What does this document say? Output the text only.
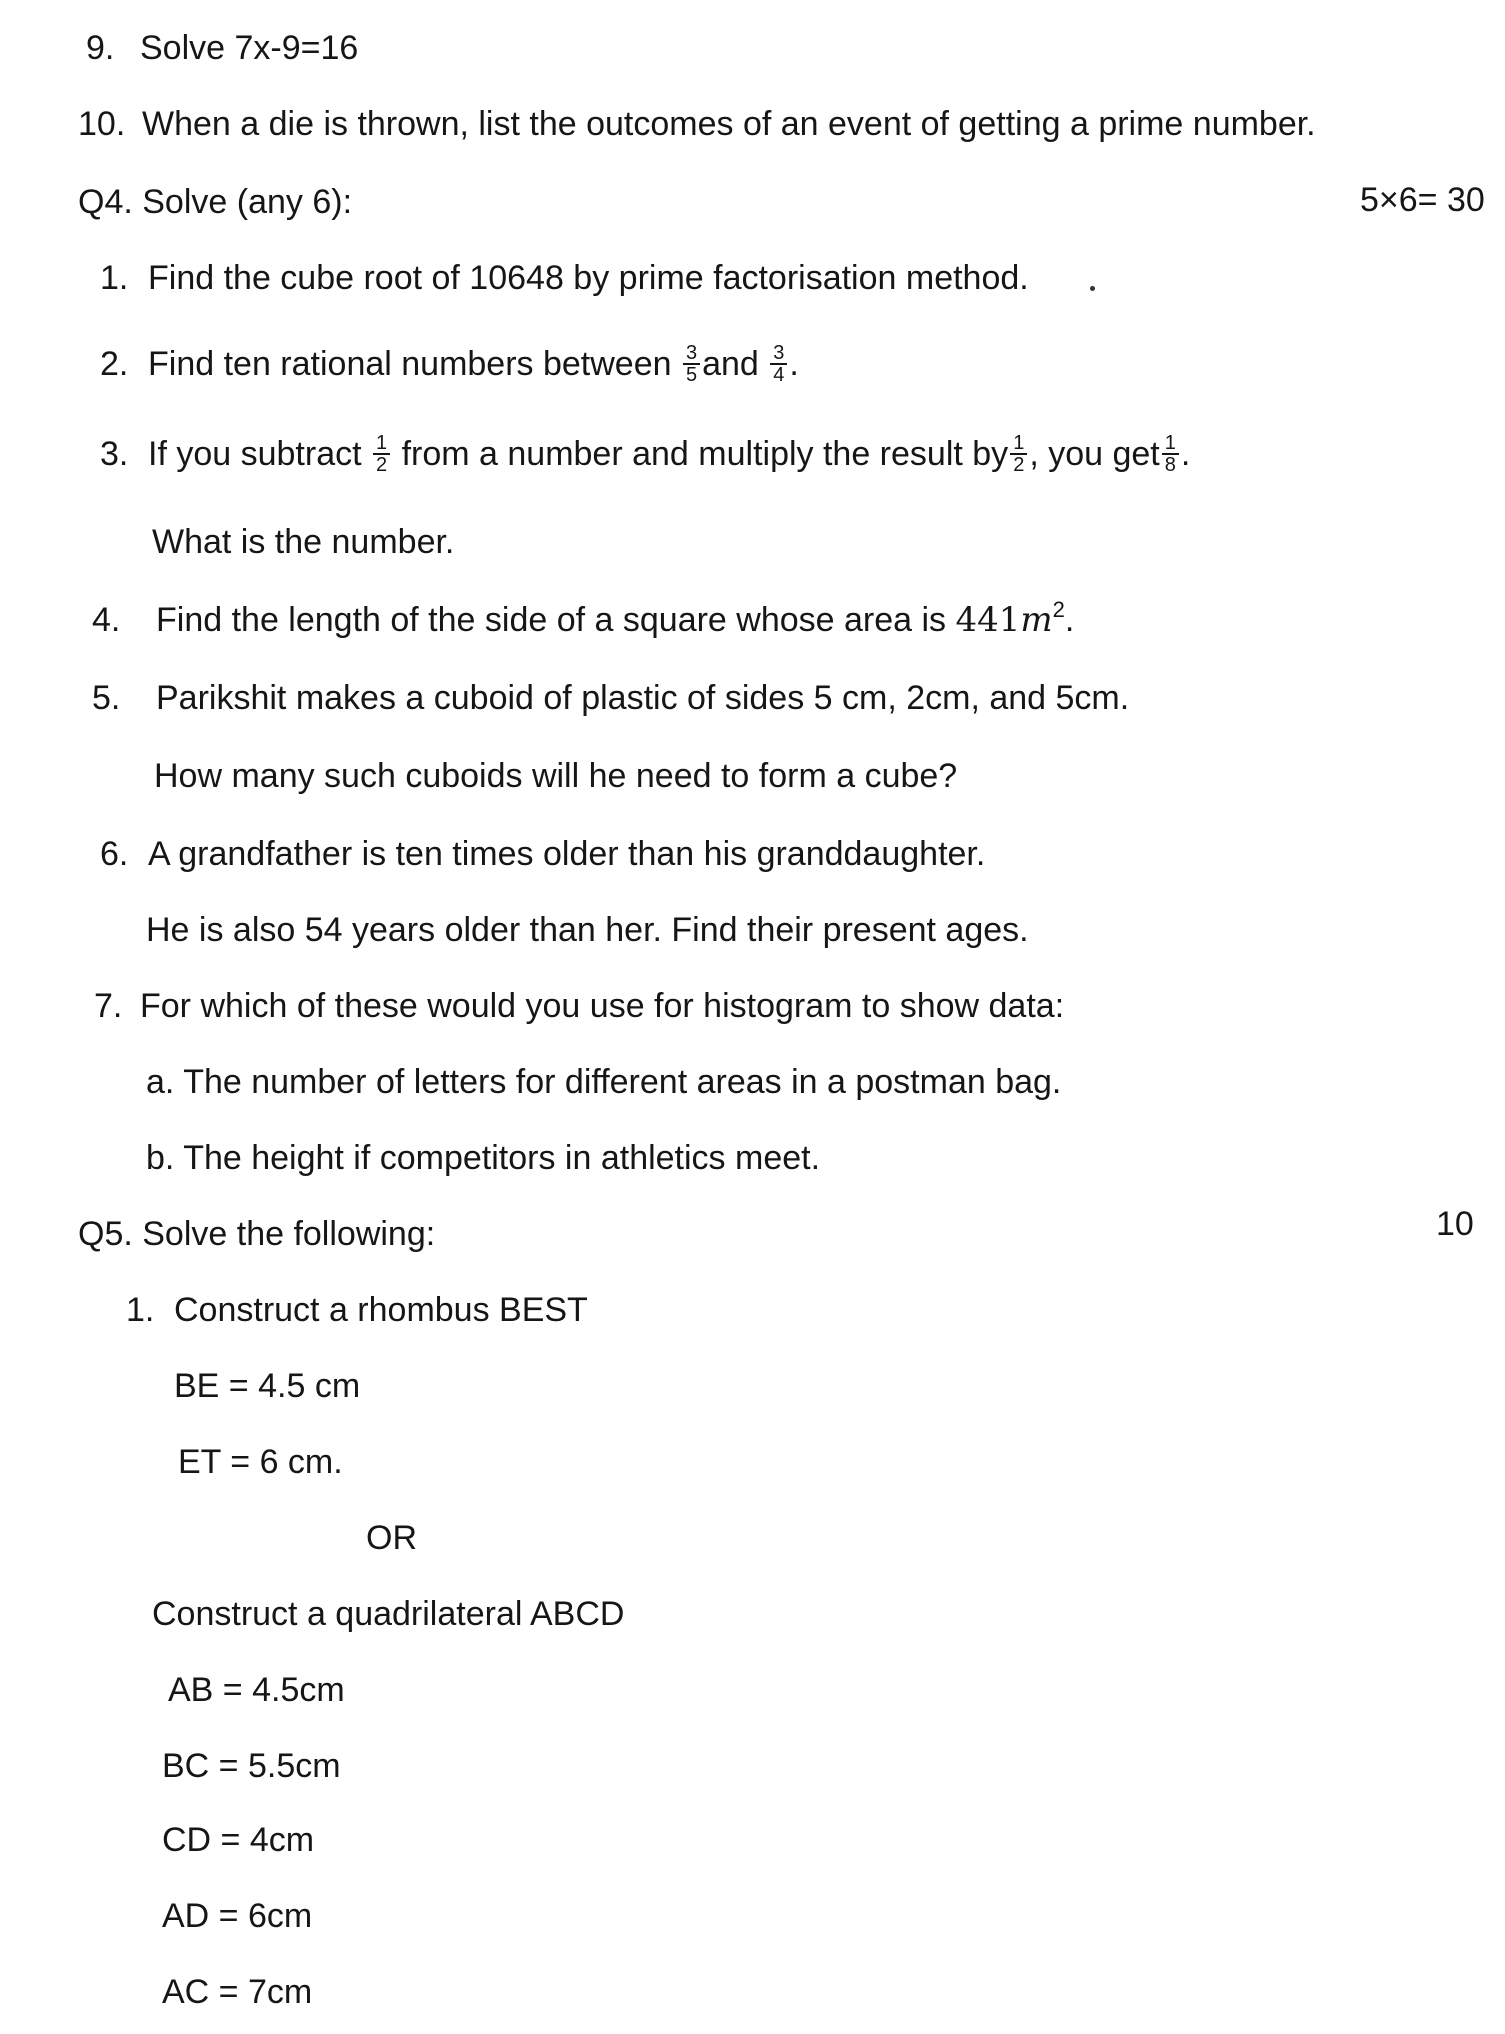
9. Solve 7x-9=16
10. When a die is thrown, list the outcomes of an event of getting a prime number.
Q4. Solve (any 6):	5×6= 30
1. Find the cube root of 10648 by prime factorisation method.
2. Find ten rational numbers between $\frac{3}{5}$ and $\frac{3}{4}$ .
3. If you subtract $\frac{1}{2}$ from a number and multiply the result by $\frac{1}{2}$ , you get $\frac{1}{8}$ .
What is the number.
4. Find the length of the side of a square whose area is $441m^2$.
5. Parikshit makes a cuboid of plastic of sides 5 cm, 2cm, and 5cm.
How many such cuboids will he need to form a cube?
6. A grandfather is ten times older than his granddaughter.
He is also 54 years older than her. Find their present ages.
7. For which of these would you use for histogram to show data:
a. The number of letters for different areas in a postman bag.
b. The height if competitors in athletics meet.
Q5. Solve the following:	10
1. Construct a rhombus BEST
BE = 4.5 cm
ET = 6 cm.
OR
Construct a quadrilateral ABCD
AB = 4.5cm
BC = 5.5cm
CD = 4cm
AD = 6cm
AC = 7cm
